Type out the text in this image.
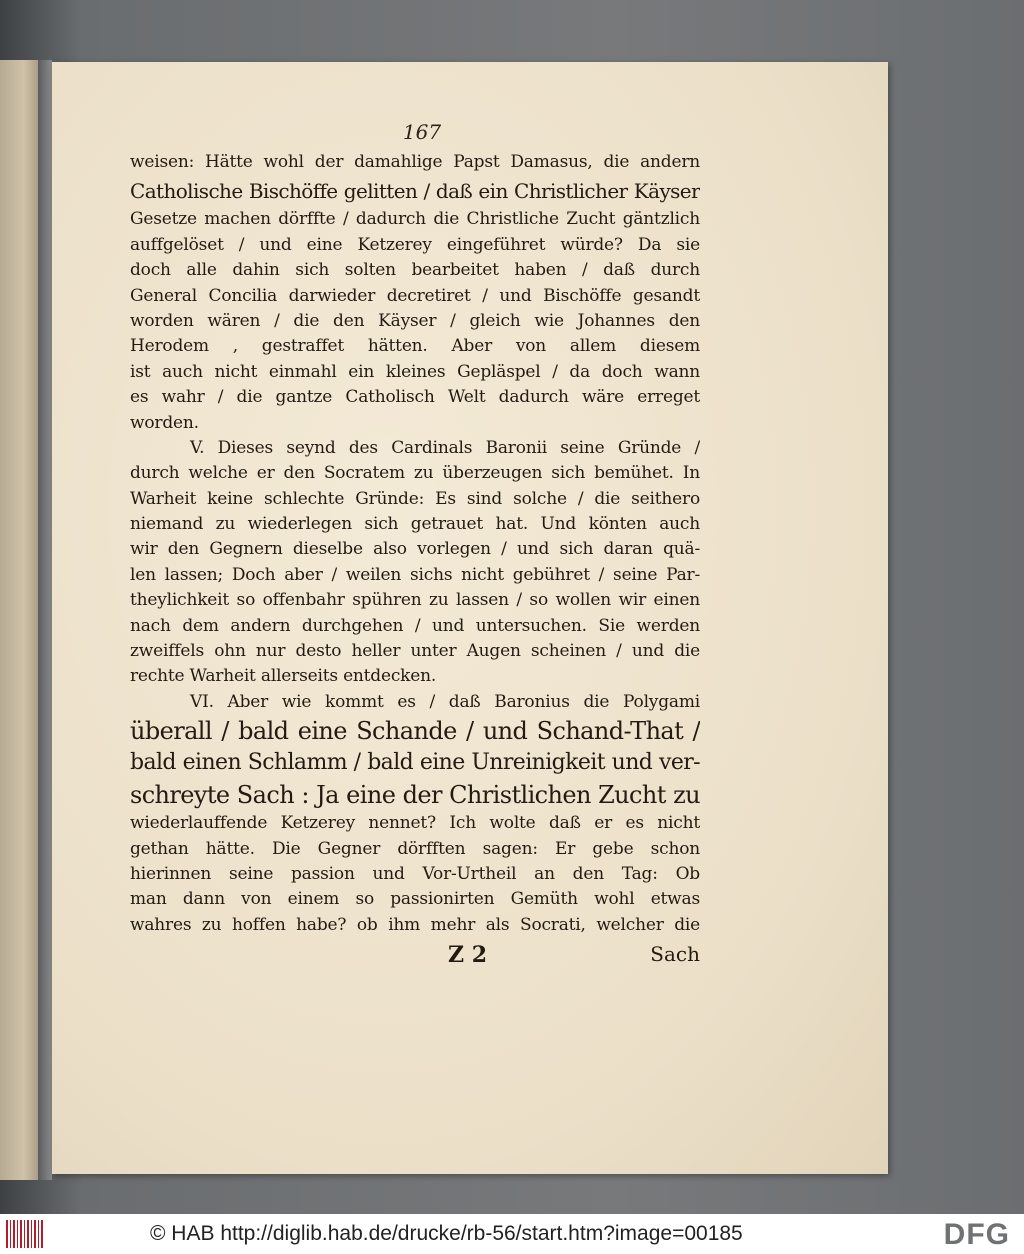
167
weisen: Hätte wohl der damahlige Papst Damasus, die andern
Catholische Bischöffe gelitten / daß ein Christlicher Käyser
Gesetze machen dörffte / dadurch die Christliche Zucht gäntzlich
auffgelöset / und eine Ketzerey eingeführet würde? Da sie
doch alle dahin sich solten bearbeitet haben / daß durch
General Concilia darwieder decretiret / und Bischöffe gesandt
worden wären / die den Käyser / gleich wie Johannes den
Herodem , gestraffet hätten. Aber von allem diesem
ist auch nicht einmahl ein kleines Gepläspel / da doch wann
es wahr / die gantze Catholisch Welt dadurch wäre erreget
worden.
V. Dieses seynd des Cardinals Baronii seine Gründe /
durch welche er den Socratem zu überzeugen sich bemühet. In
Warheit keine schlechte Gründe: Es sind solche / die seithero
niemand zu wiederlegen sich getrauet hat. Und könten auch
wir den Gegnern dieselbe also vorlegen / und sich daran quä-
len lassen; Doch aber / weilen sichs nicht gebühret / seine Par-
theylichkeit so offenbahr spühren zu lassen / so wollen wir einen
nach dem andern durchgehen / und untersuchen. Sie werden
zweiffels ohn nur desto heller unter Augen scheinen / und die
rechte Warheit allerseits entdecken.
VI. Aber wie kommt es / daß Baronius die Polygami
überall / bald eine Schande / und Schand-That /
bald einen Schlamm / bald eine Unreinigkeit und ver-
schreyte Sach : Ja eine der Christlichen Zucht zu
wiederlauffende Ketzerey nennet? Ich wolte daß er es nicht
gethan hätte. Die Gegner dörfften sagen: Er gebe schon
hierinnen seine passion und Vor-Urtheil an den Tag: Ob
man dann von einem so passionirten Gemüth wohl etwas
wahres zu hoffen habe? ob ihm mehr als Socrati, welcher die
Z 2	Sach
© HAB http://diglib.hab.de/drucke/rb-56/start.htm?image=00185	DFG
